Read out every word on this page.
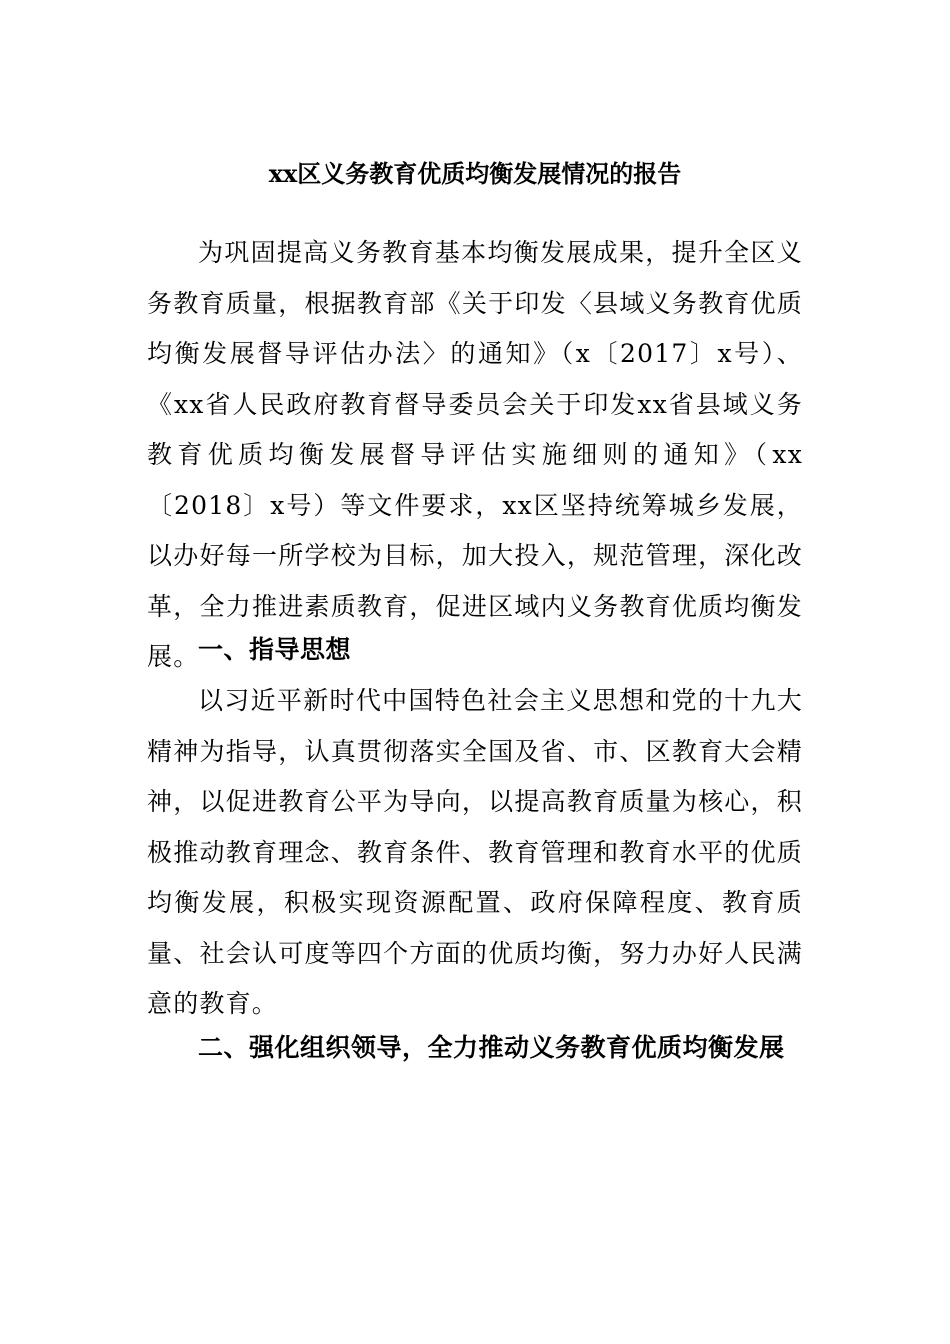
xx区义务教育优质均衡发展情况的报告

为巩固提高义务教育基本均衡发展成果，提升全区义务教育质量，根据教育部《关于印发〈县域义务教育优质均衡发展督导评估办法〉的通知》（x〔2017〕x号）、《xx省人民政府教育督导委员会关于印发xx省县域义务教育优质均衡发展督导评估实施细则的通知》（xx〔2018〕x号）等文件要求，xx区坚持统筹城乡发展，以办好每一所学校为目标，加大投入，规范管理，深化改革，全力推进素质教育，促进区域内义务教育优质均衡发展。

一、指导思想

以习近平新时代中国特色社会主义思想和党的十九大精神为指导，认真贯彻落实全国及省、市、区教育大会精神，以促进教育公平为导向，以提高教育质量为核心，积极推动教育理念、教育条件、教育管理和教育水平的优质均衡发展，积极实现资源配置、政府保障程度、教育质量、社会认可度等四个方面的优质均衡，努力办好人民满意的教育。

二、强化组织领导，全力推动义务教育优质均衡发展
